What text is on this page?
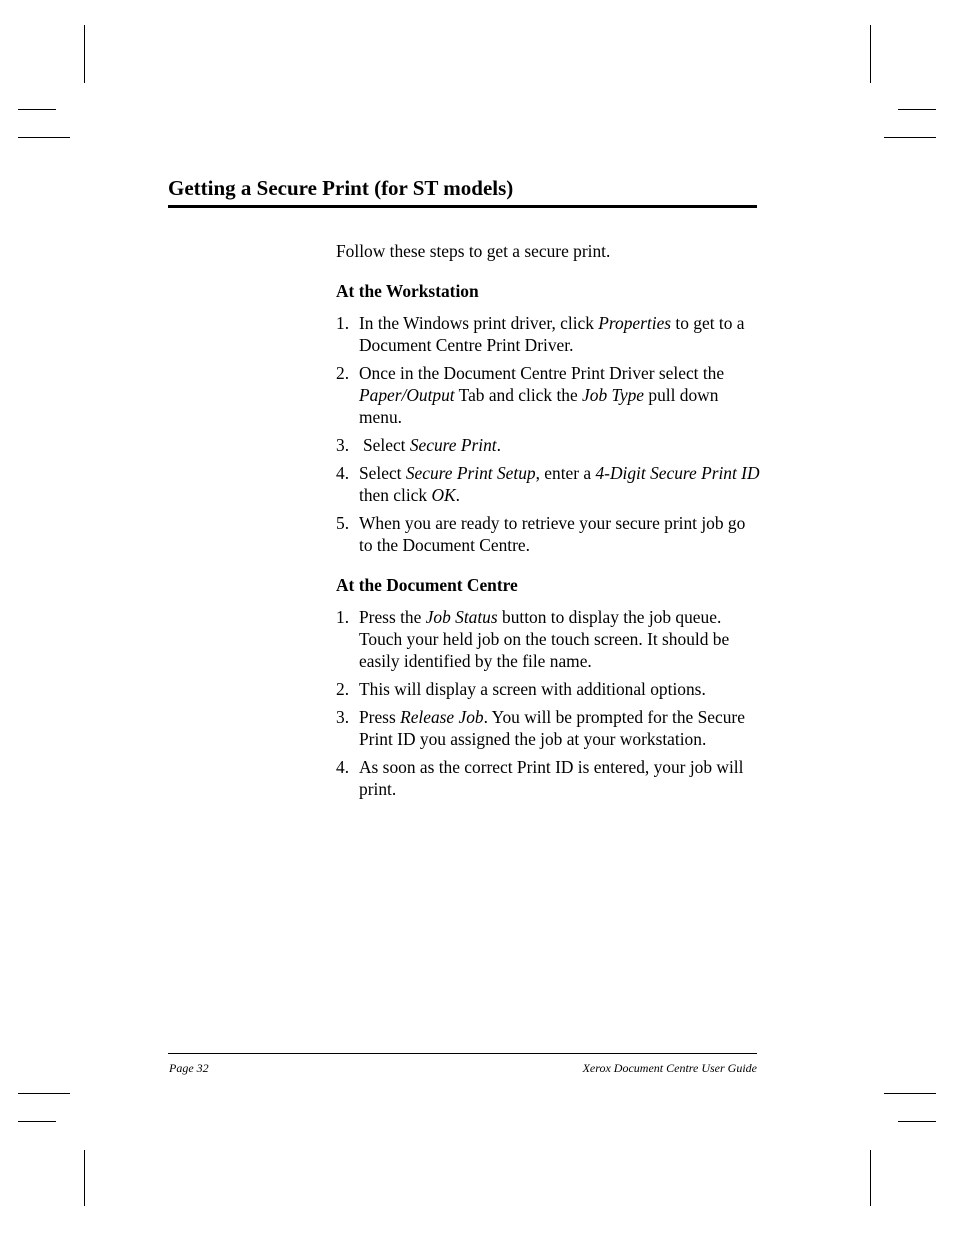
Getting a Secure Print (for ST models)

Follow these steps to get a secure print.

At the Workstation
1. In the Windows print driver, click Properties to get to a Document Centre Print Driver.
2. Once in the Document Centre Print Driver select the Paper/Output Tab and click the Job Type pull down menu.
3. Select Secure Print.
4. Select Secure Print Setup, enter a 4-Digit Secure Print ID then click OK.
5. When you are ready to retrieve your secure print job go to the Document Centre.
At the Document Centre
1. Press the Job Status button to display the job queue. Touch your held job on the touch screen. It should be easily identified by the file name.
2. This will display a screen with additional options.
3. Press Release Job. You will be prompted for the Secure Print ID you assigned the job at your workstation.
4. As soon as the correct Print ID is entered, your job will print.
Page 32	Xerox Document Centre User Guide
